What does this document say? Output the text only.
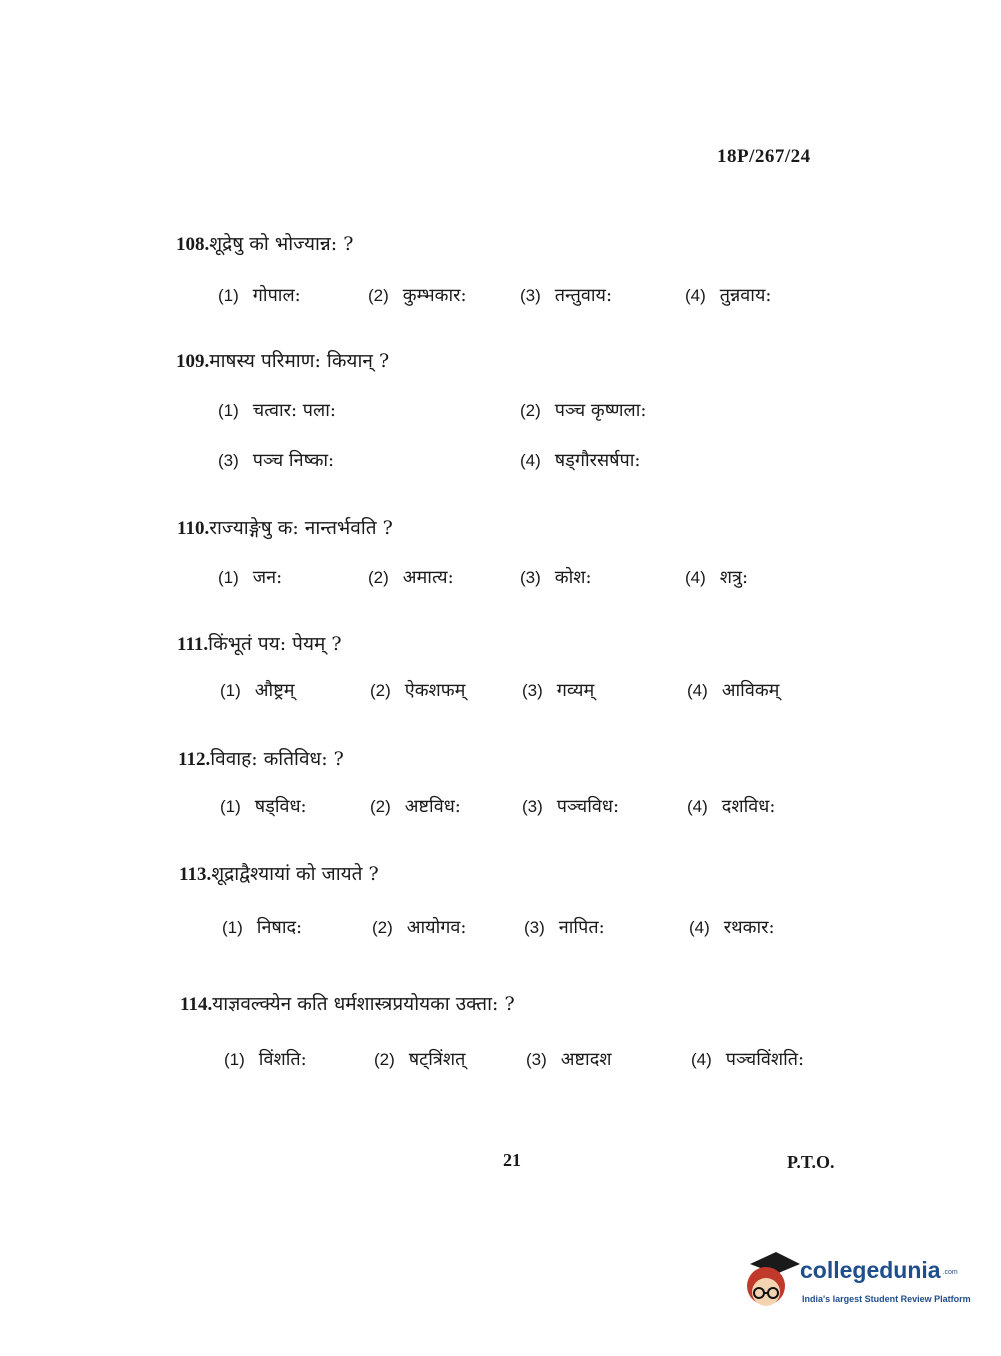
18P/267/24
108.शूद्रेषु को भोज्यान्न: ?
(1) गोपाल:	(2) कुम्भकार:	(3) तन्तुवाय:	(4) तुन्नवाय:
109.माषस्य परिमाण: कियान् ?
(1) चत्वार: पला:	(2) पञ्च कृष्णला:
(3) पञ्च निष्का:	(4) षड्गौरसर्षपा:
110.राज्याङ्गेषु क: नान्तर्भवति ?
(1) जन:	(2) अमात्य:	(3) कोश:	(4) शत्रु:
111.किंभूतं पय: पेयम् ?
(1) औष्ट्रम्	(2) ऐकशफम्	(3) गव्यम्	(4) आविकम्
112.विवाह: कतिविध: ?
(1) षड्विध:	(2) अष्टविध:	(3) पञ्चविध:	(4) दशविध:
113.शूद्राद्वैश्यायां को जायते ?
(1) निषाद:	(2) आयोगव:	(3) नापित:	(4) रथकार:
114.याज्ञवल्क्येन कति धर्मशास्त्रप्रयोयका उक्ता: ?
(1) विंशति:	(2) षट्त्रिंशत्	(3) अष्टादश	(4) पञ्चविंशति:
21	P.T.O.
collegedunia .com
India's largest Student Review Platform
